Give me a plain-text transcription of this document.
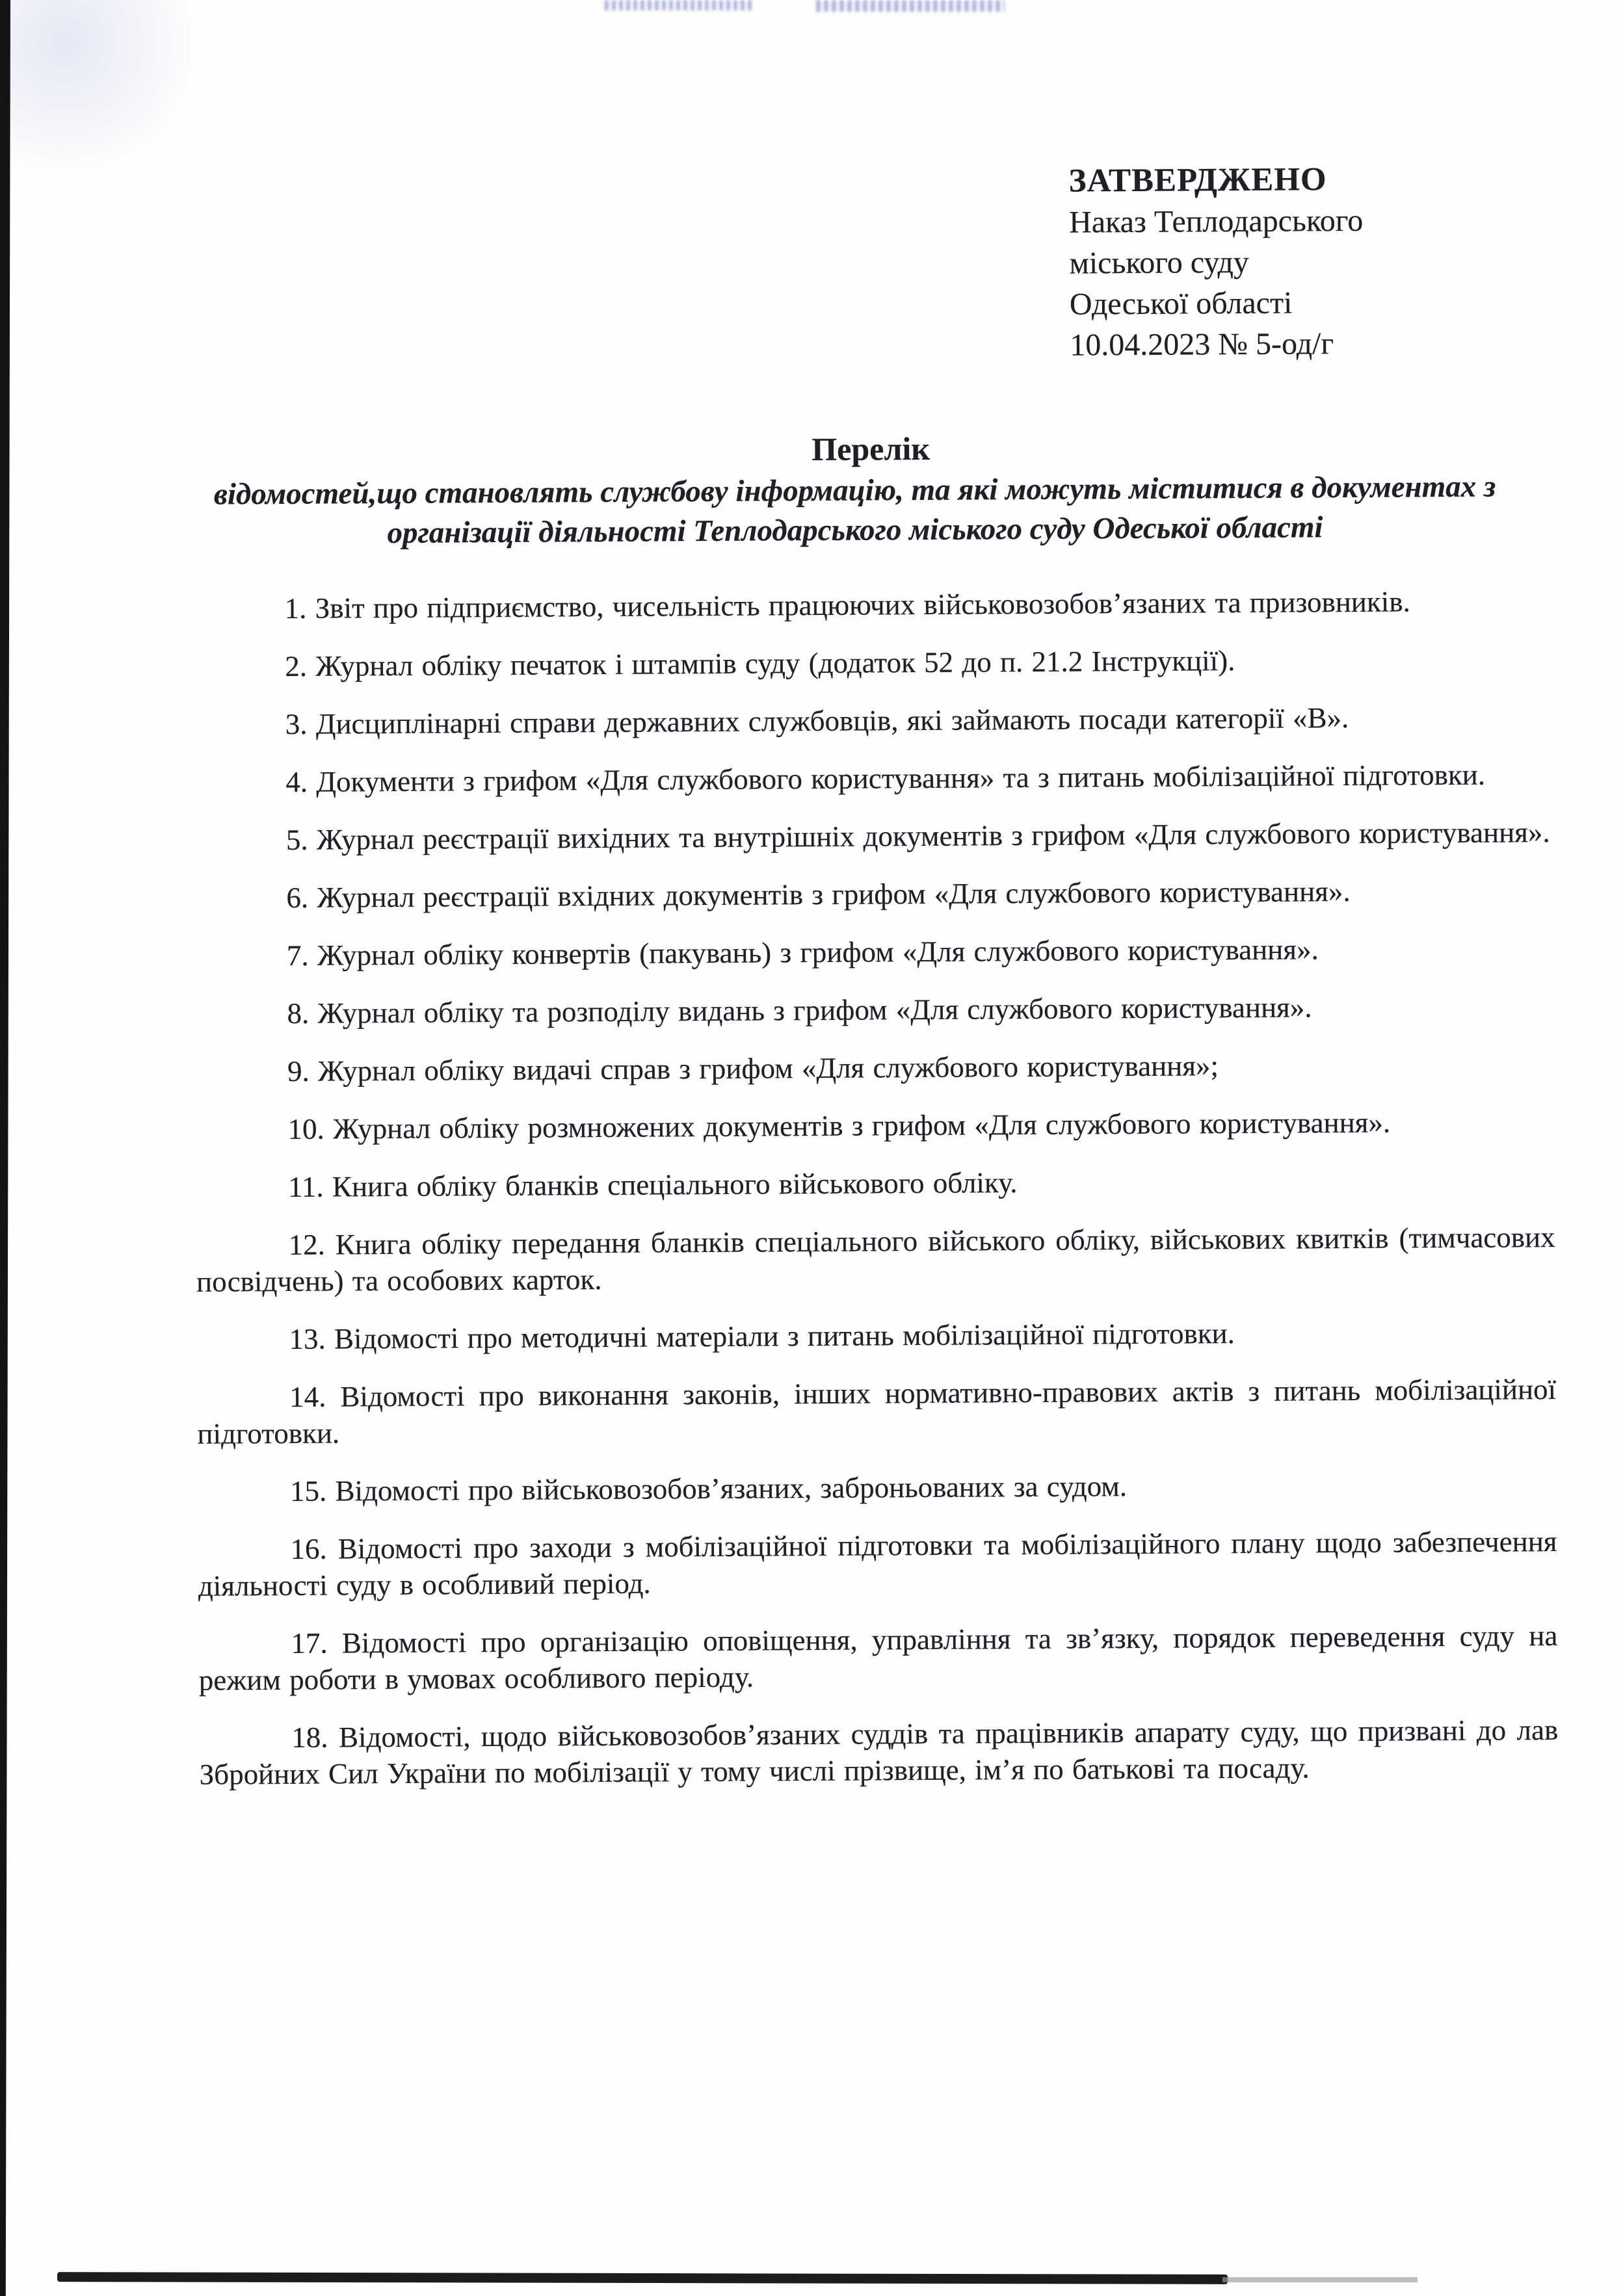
ЗАТВЕРДЖЕНО
Наказ Теплодарського
міського суду
Одеської області
10.04.2023 № 5-од/г
Перелік
відомостей,що становлять службову інформацію, та які можуть міститися в документах з організації діяльності Теплодарського міського суду Одеської області

1. Звіт про підприємство, чисельність працюючих військовозобов’язаних та призовників.

2. Журнал обліку печаток і штампів суду (додаток 52 до п. 21.2 Інструкції).

3. Дисциплінарні справи державних службовців, які займають посади категорії «В».

4. Документи з грифом «Для службового користування» та з питань мобілізаційної підготовки.

5. Журнал реєстрації вихідних та внутрішніх документів з грифом «Для службового користування».

6. Журнал реєстрації вхідних документів з грифом «Для службового користування».

7. Журнал обліку конвертів (пакувань) з грифом «Для службового користування».

8. Журнал обліку та розподілу видань з грифом «Для службового користування».

9. Журнал обліку видачі справ з грифом «Для службового користування»;

10. Журнал обліку розмножених документів з грифом «Для службового користування».

11. Книга обліку бланків спеціального військового обліку.

12. Книга обліку передання бланків спеціального війського обліку, військових квитків (тимчасових посвідчень) та особових карток.

13. Відомості про методичні матеріали з питань мобілізаційної підготовки.

14. Відомості про виконання законів, інших нормативно-правових актів з питань мобілізаційної підготовки.

15. Відомості про військовозобов’язаних, заброньованих за судом.

16. Відомості про заходи з мобілізаційної підготовки та мобілізаційного плану щодо забезпечення діяльності суду в особливий період.

17. Відомості про організацію оповіщення, управління та зв’язку, порядок переведення суду на режим роботи в умовах особливого періоду.

18. Відомості, щодо військовозобов’язаних суддів та працівників апарату суду, що призвані до лав Збройних Сил України по мобілізації у тому числі прізвище, ім’я по батькові та посаду.
